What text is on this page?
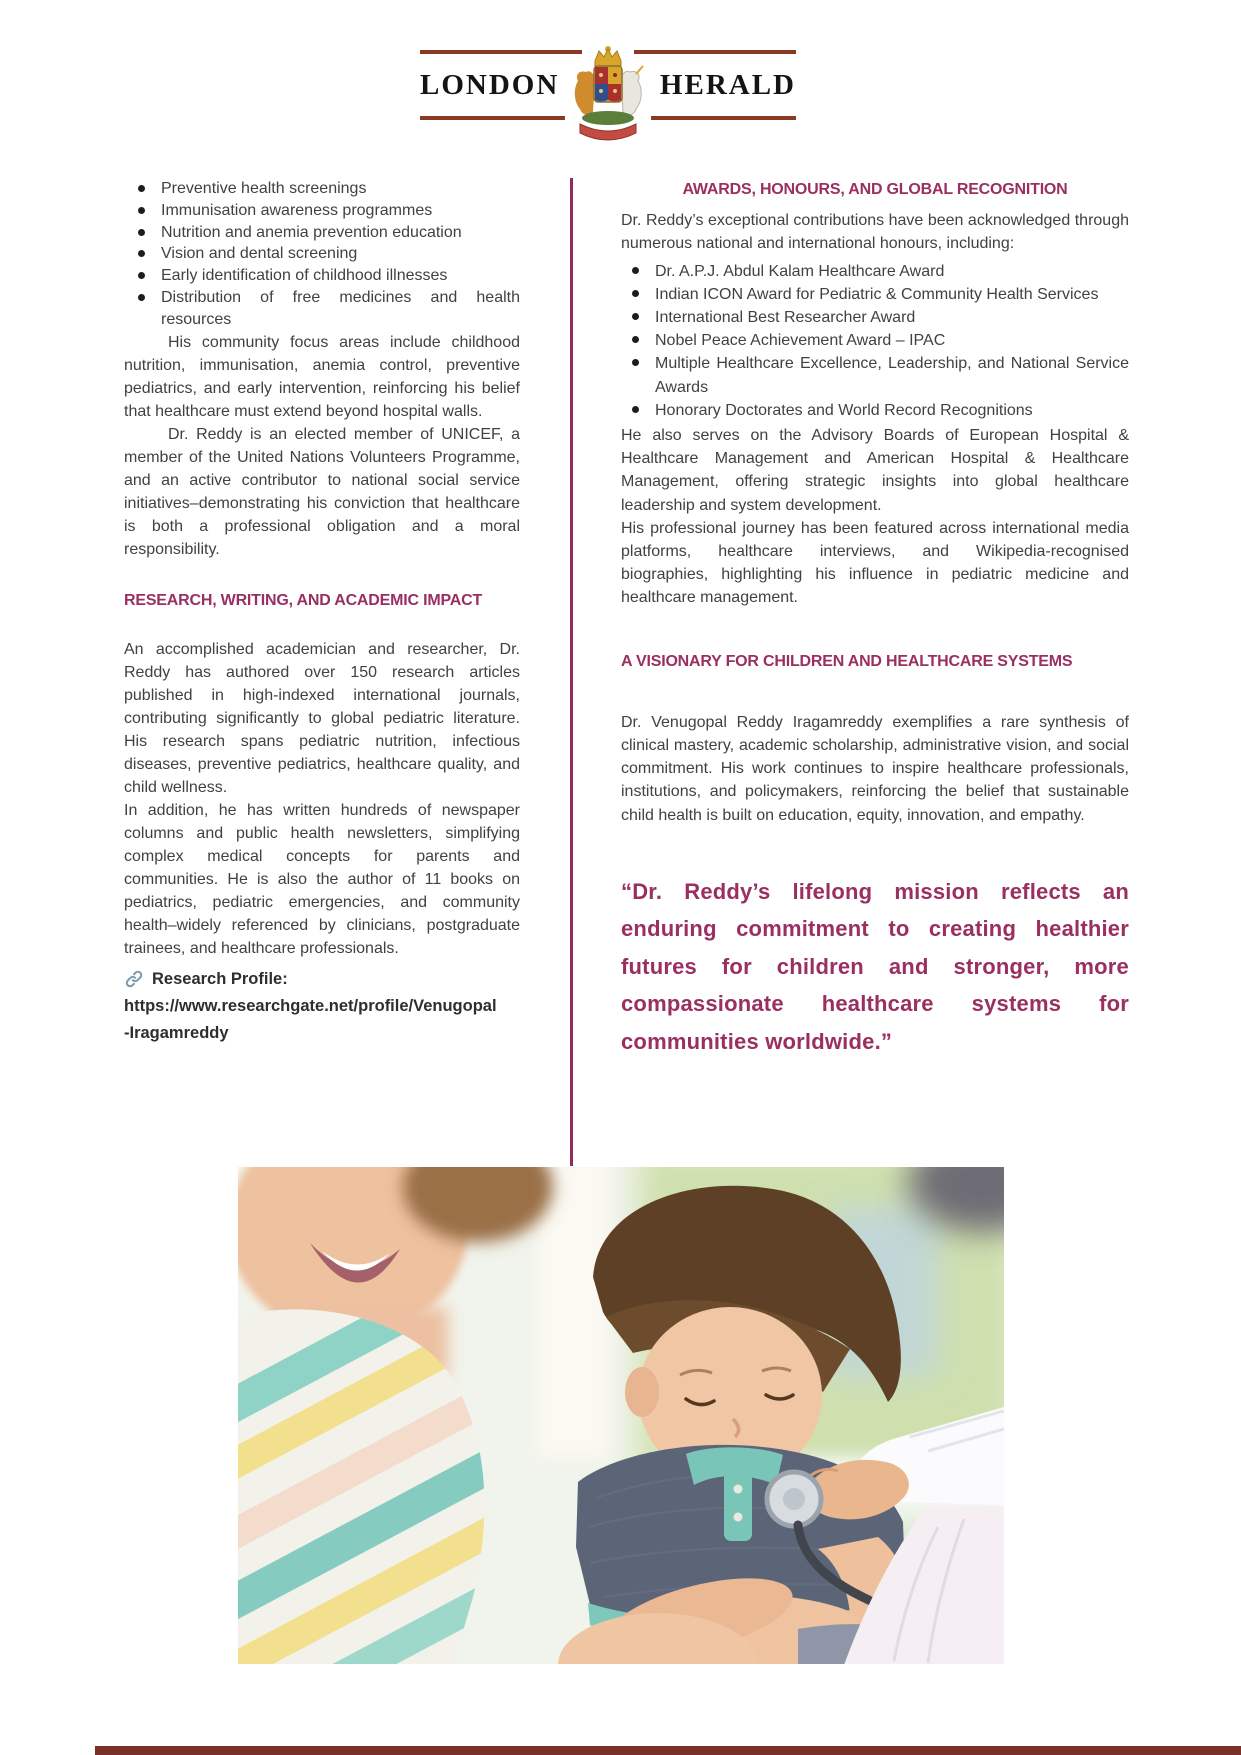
LONDON	HERALD
Preventive health screenings
Immunisation awareness programmes
Nutrition and anemia prevention education
Vision and dental screening
Early identification of childhood illnesses
Distribution of free medicines and health resources

His community focus areas include childhood nutrition, immunisation, anemia control, preventive pediatrics, and early intervention, reinforcing his belief that healthcare must extend beyond hospital walls.

Dr. Reddy is an elected member of UNICEF, a member of the United Nations Volunteers Programme, and an active contributor to national social service initiatives–demonstrating his conviction that healthcare is both a professional obligation and a moral responsibility.

RESEARCH, WRITING, AND ACADEMIC IMPACT

An accomplished academician and researcher, Dr. Reddy has authored over 150 research articles published in high-indexed international journals, contributing significantly to global pediatric literature. His research spans pediatric nutrition, infectious diseases, preventive pediatrics, healthcare quality, and child wellness.

In addition, he has written hundreds of newspaper columns and public health newsletters, simplifying complex medical concepts for parents and communities. He is also the author of 11 books on pediatrics, pediatric emergencies, and community health–widely referenced by clinicians, postgraduate trainees, and healthcare professionals.

Research Profile:
https://www.researchgate.net/profile/Venugopal
-Iragamreddy
AWARDS, HONOURS, AND GLOBAL RECOGNITION

Dr. Reddy’s exceptional contributions have been acknowledged through numerous national and international honours, including:

Dr. A.P.J. Abdul Kalam Healthcare Award
Indian ICON Award for Pediatric & Community Health Services
International Best Researcher Award
Nobel Peace Achievement Award – IPAC
Multiple Healthcare Excellence, Leadership, and National Service Awards
Honorary Doctorates and World Record Recognitions

He also serves on the Advisory Boards of European Hospital & Healthcare Management and American Hospital & Healthcare Management, offering strategic insights into global healthcare leadership and system development.

His professional journey has been featured across international media platforms, healthcare interviews, and Wikipedia-recognised biographies, highlighting his influence in pediatric medicine and healthcare management.

A VISIONARY FOR CHILDREN AND HEALTHCARE SYSTEMS

Dr. Venugopal Reddy Iragamreddy exemplifies a rare synthesis of clinical mastery, academic scholarship, administrative vision, and social commitment. His work continues to inspire healthcare professionals, institutions, and policymakers, reinforcing the belief that sustainable child health is built on education, equity, innovation, and empathy.

“Dr. Reddy’s lifelong mission reflects an enduring commitment to creating healthier futures for children and stronger, more compassionate healthcare systems for communities worldwide.”
